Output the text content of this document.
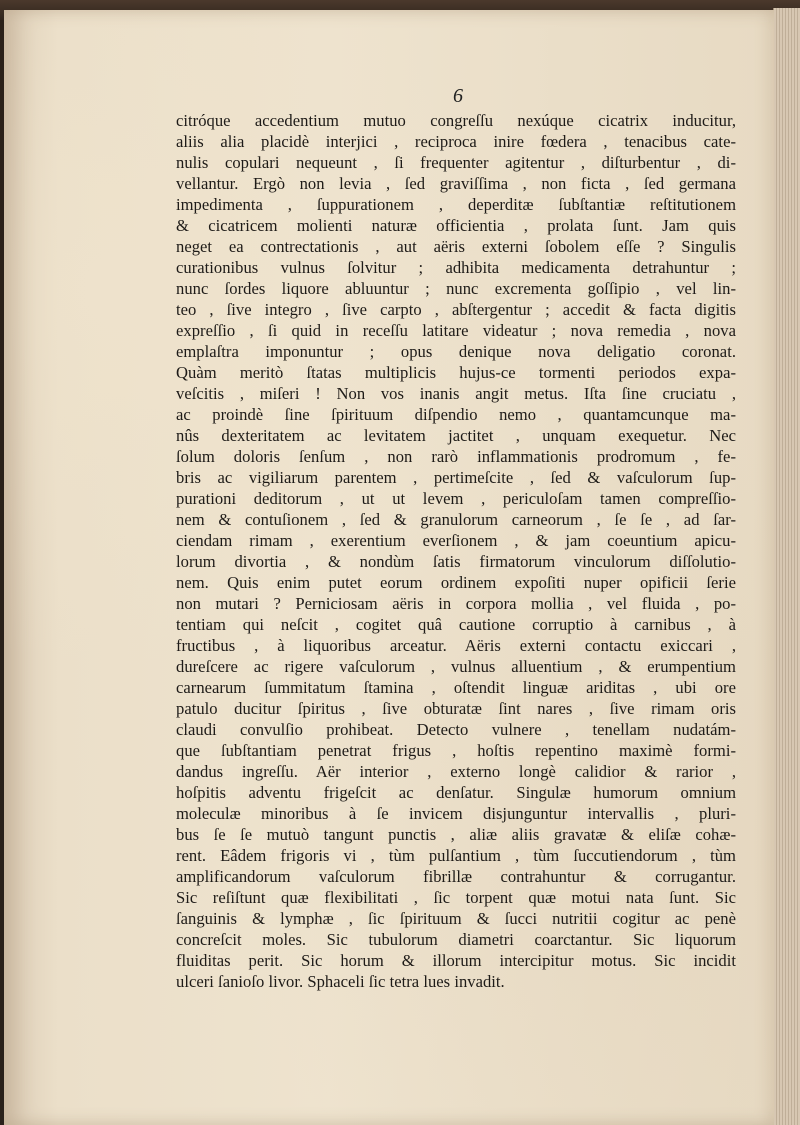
6
citróque accedentium mutuo congreſſu nexúque cicatrix inducitur,
aliis alia placidè interjici , reciproca inire fœdera , tenacibus cate-
nulis copulari nequeunt , ſi frequenter agitentur , diſturbentur , di-
vellantur. Ergò non levia , ſed graviſſima , non ficta , ſed germana
impedimenta , ſuppurationem , deperditæ ſubſtantiæ reſtitutionem
& cicatricem molienti naturæ officientia , prolata ſunt. Jam quis
neget ea contrectationis , aut aëris externi ſobolem eſſe ? Singulis
curationibus vulnus ſolvitur ; adhibita medicamenta detrahuntur ;
nunc ſordes liquore abluuntur ; nunc excrementa goſſipio , vel lin-
teo , ſive integro , ſive carpto , abſtergentur ; accedit & facta digitis
expreſſio , ſi quid in receſſu latitare videatur ; nova remedia , nova
emplaſtra imponuntur ; opus denique nova deligatio coronat.
Quàm meritò ſtatas multiplicis hujus-ce tormenti periodos expa-
veſcitis , miſeri ! Non vos inanis angit metus. Iſta ſine cruciatu ,
ac proindè ſine ſpirituum diſpendio nemo , quantamcunque ma-
nûs dexteritatem ac levitatem jactitet , unquam exequetur. Nec
ſolum doloris ſenſum , non rarò inflammationis prodromum , fe-
bris ac vigiliarum parentem , pertimeſcite , ſed & vaſculorum ſup-
purationi deditorum , ut ut levem , periculoſam tamen compreſſio-
nem & contuſionem , ſed & granulorum carneorum , ſe ſe , ad ſar-
ciendam rimam , exerentium everſionem , & jam coeuntium apicu-
lorum divortia , & nondùm ſatis firmatorum vinculorum diſſolutio-
nem. Quis enim putet eorum ordinem expoſiti nuper opificii ſerie
non mutari ? Perniciosam aëris in corpora mollia , vel fluida , po-
tentiam qui neſcit , cogitet quâ cautione corruptio à carnibus , à
fructibus , à liquoribus arceatur. Aëris externi contactu exiccari ,
dureſcere ac rigere vaſculorum , vulnus alluentium , & erumpentium
carnearum ſummitatum ſtamina , oſtendit linguæ ariditas , ubi ore
patulo ducitur ſpiritus , ſive obturatæ ſint nares , ſive rimam oris
claudi convulſio prohibeat. Detecto vulnere , tenellam nudatám-
que ſubſtantiam penetrat frigus , hoſtis repentino maximè formi-
dandus ingreſſu. Aër interior , externo longè calidior & rarior ,
hoſpitis adventu frigeſcit ac denſatur. Singulæ humorum omnium
moleculæ minoribus à ſe invicem disjunguntur intervallis , pluri-
bus ſe ſe mutuò tangunt punctis , aliæ aliis gravatæ & eliſæ cohæ-
rent. Eâdem frigoris vi , tùm pulſantium , tùm ſuccutiendorum , tùm
amplificandorum vaſculorum fibrillæ contrahuntur & corrugantur.
Sic reſiſtunt quæ flexibilitati , ſic torpent quæ motui nata ſunt. Sic
ſanguinis & lymphæ , ſic ſpirituum & ſucci nutritii cogitur ac penè
concreſcit moles. Sic tubulorum diametri coarctantur. Sic liquorum
fluiditas perit. Sic horum & illorum intercipitur motus. Sic incidit
ulceri ſanioſo livor. Sphaceli ſic tetra lues invadit.
